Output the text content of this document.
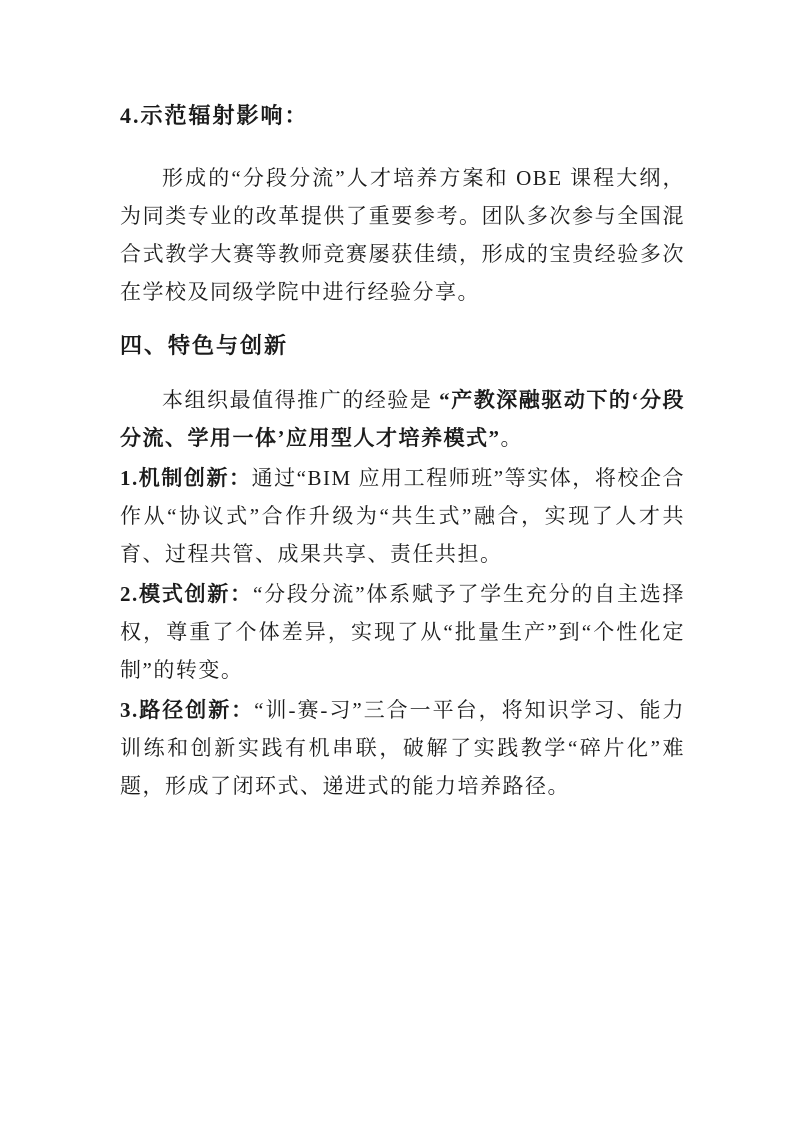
4.示范辐射影响：

形成的“分段分流”人才培养方案和 OBE 课程大纲，为同类专业的改革提供了重要参考。团队多次参与全国混合式教学大赛等教师竞赛屡获佳绩，形成的宝贵经验多次在学校及同级学院中进行经验分享。

四、特色与创新

本组织最值得推广的经验是 “产教深融驱动下的‘分段分流、学用一体’应用型人才培养模式”。

1.机制创新：通过“BIM 应用工程师班”等实体，将校企合作从“协议式”合作升级为“共生式”融合，实现了人才共育、过程共管、成果共享、责任共担。

2.模式创新：“分段分流”体系赋予了学生充分的自主选择权，尊重了个体差异，实现了从“批量生产”到“个性化定制”的转变。

3.路径创新：“训-赛-习”三合一平台，将知识学习、能力训练和创新实践有机串联，破解了实践教学“碎片化”难题，形成了闭环式、递进式的能力培养路径。
